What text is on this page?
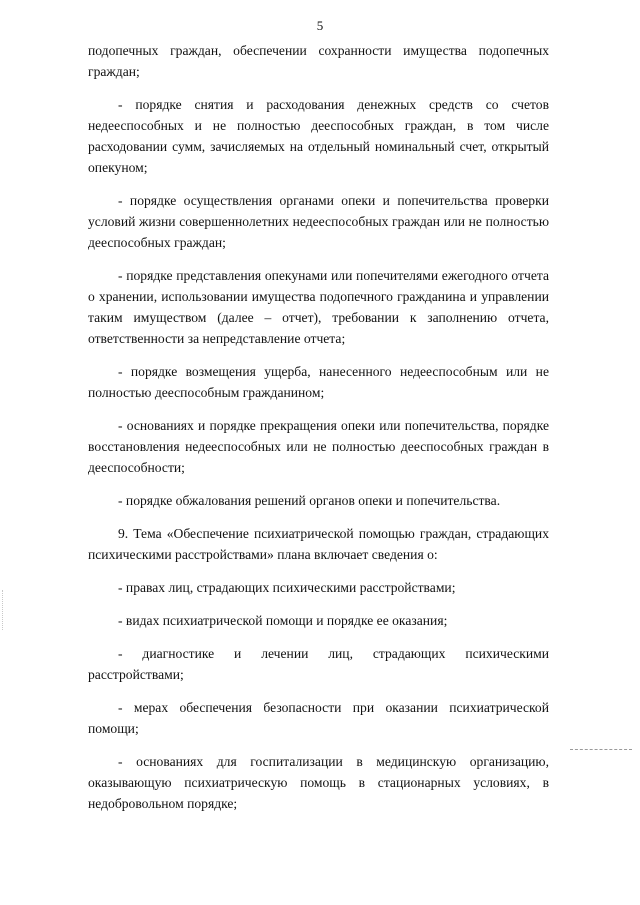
5

подопечных граждан, обеспечении сохранности имущества подопечных граждан;

- порядке снятия и расходования денежных средств со счетов недееспособных и не полностью дееспособных граждан, в том числе расходовании сумм, зачисляемых на отдельный номинальный счет, открытый опекуном;

- порядке осуществления органами опеки и попечительства проверки условий жизни совершеннолетних недееспособных граждан или не полностью дееспособных граждан;

- порядке представления опекунами или попечителями ежегодного отчета о хранении, использовании имущества подопечного гражданина и управлении таким имуществом (далее – отчет), требовании к заполнению отчета, ответственности за непредставление отчета;

- порядке возмещения ущерба, нанесенного недееспособным или не полностью дееспособным гражданином;

- основаниях и порядке прекращения опеки или попечительства, порядке восстановления недееспособных или не полностью дееспособных граждан в дееспособности;

- порядке обжалования решений органов опеки и попечительства.

9. Тема «Обеспечение психиатрической помощью граждан, страдающих психическими расстройствами» плана включает сведения о:

- правах лиц, страдающих психическими расстройствами;

- видах психиатрической помощи и порядке ее оказания;

- диагностике и лечении лиц, страдающих психическими расстройствами;

- мерах обеспечения безопасности при оказании психиатрической помощи;

- основаниях для госпитализации в медицинскую организацию, оказывающую психиатрическую помощь в стационарных условиях, в недобровольном порядке;
